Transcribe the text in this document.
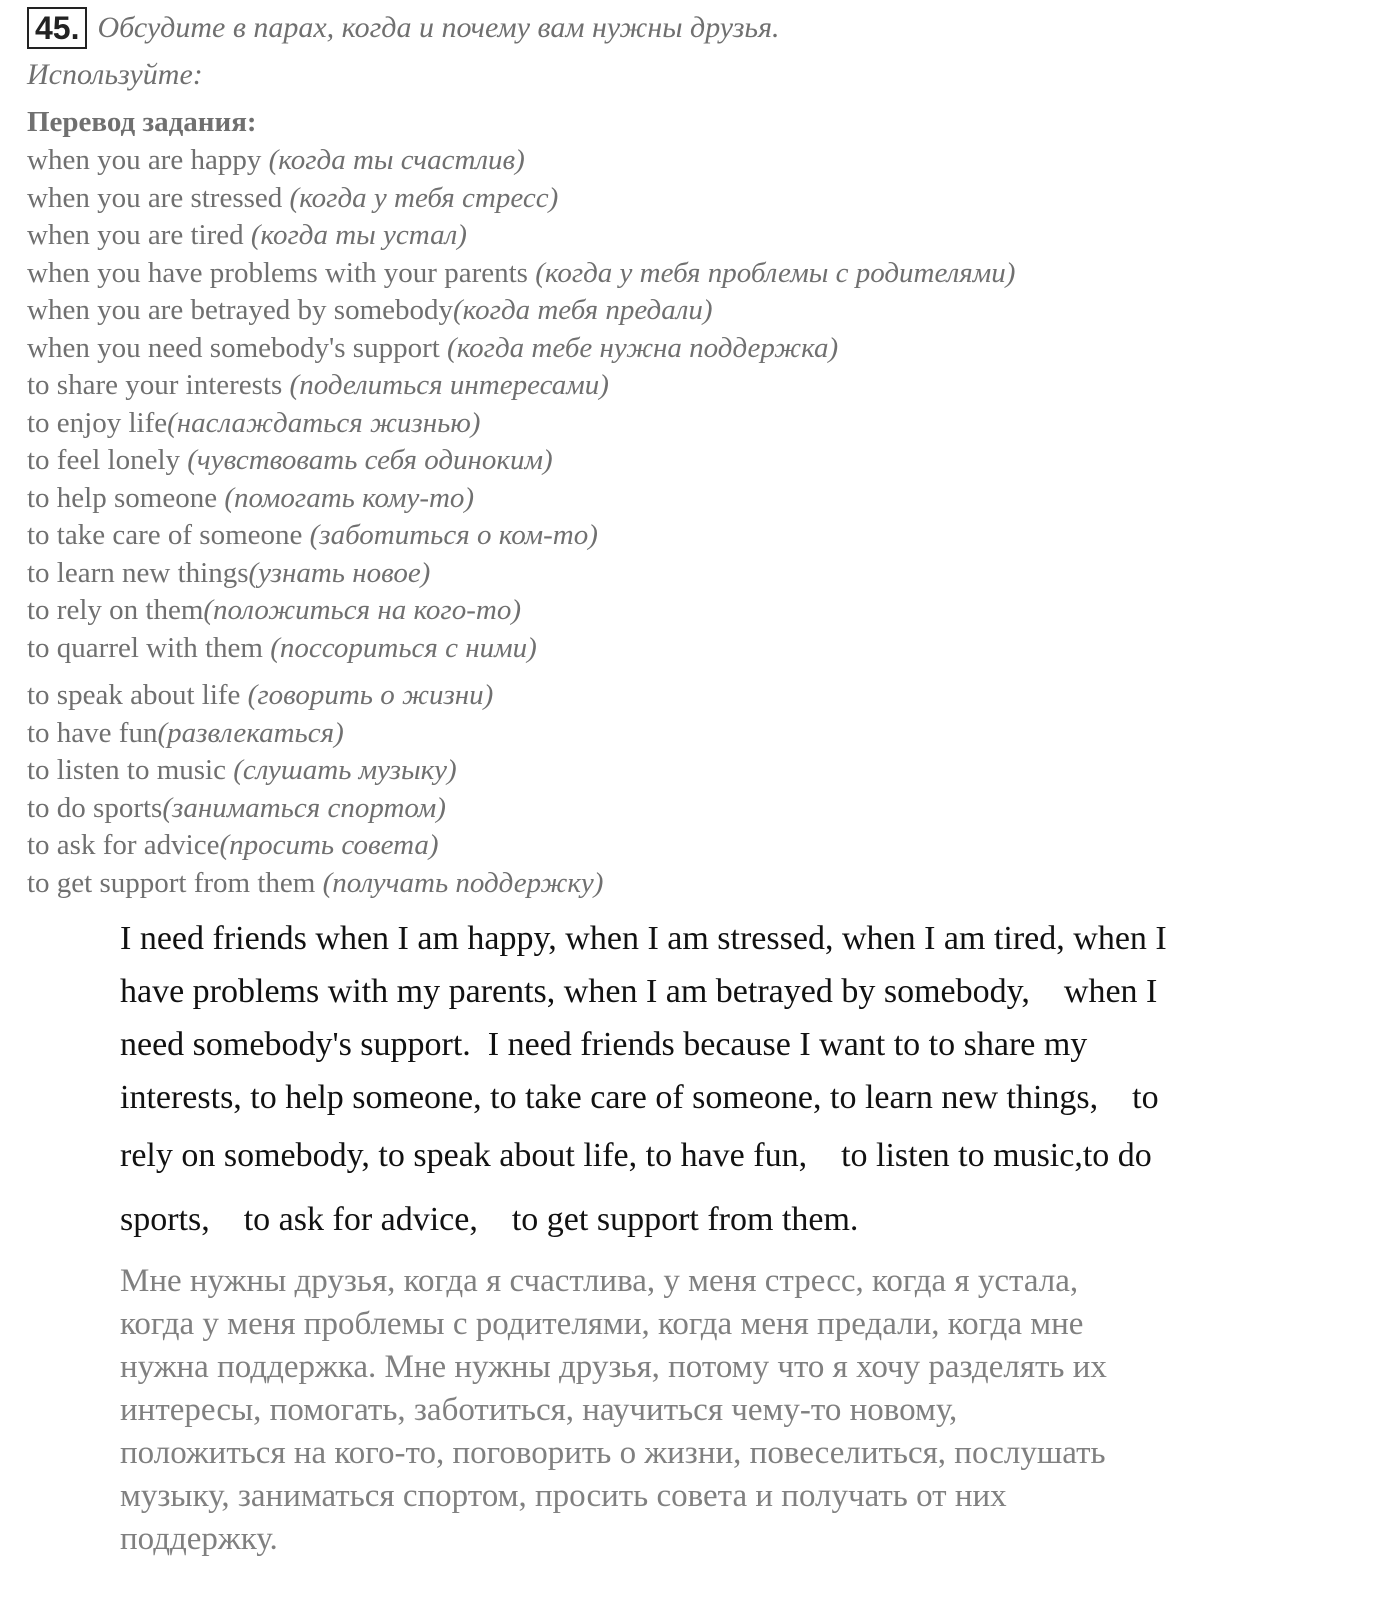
45. Обсудите в парах, когда и почему вам нужны друзья.
Используйте:
Перевод задания:
when you are happy (когда ты счастлив)
when you are stressed (когда у тебя стресс)
when you are tired (когда ты устал)
when you have problems with your parents (когда у тебя проблемы с родителями)
when you are betrayed by somebody(когда тебя предали)
when you need somebody's support (когда тебе нужна поддержка)
to share your interests (поделиться интересами)
to enjoy life(наслаждаться жизнью)
to feel lonely (чувствовать себя одиноким)
to help someone (помогать кому-то)
to take care of someone (заботиться о ком-то)
to learn new things(узнать новое)
to rely on them(положиться на кого-то)
to quarrel with them (поссориться с ними)
to speak about life (говорить о жизни)
to have fun(развлекаться)
to listen to music (слушать музыку)
to do sports(заниматься спортом)
to ask for advice(просить совета)
to get support from them (получать поддержку)
I need friends when I am happy, when I am stressed, when I am tired, when I
have problems with my parents, when I am betrayed by somebody,    when I
need somebody's support.  I need friends because I want to to share my
interests, to help someone, to take care of someone, to learn new things,    to
rely on somebody, to speak about life, to have fun,    to listen to music,to do
sports,    to ask for advice,    to get support from them.
Мне нужны друзья, когда я счастлива, у меня стресс, когда я устала,
когда у меня проблемы с родителями, когда меня предали, когда мне
нужна поддержка. Мне нужны друзья, потому что я хочу разделять их
интересы, помогать, заботиться, научиться чему-то новому,
положиться на кого-то, поговорить о жизни, повеселиться, послушать
музыку, заниматься спортом, просить совета и получать от них
поддержку.
